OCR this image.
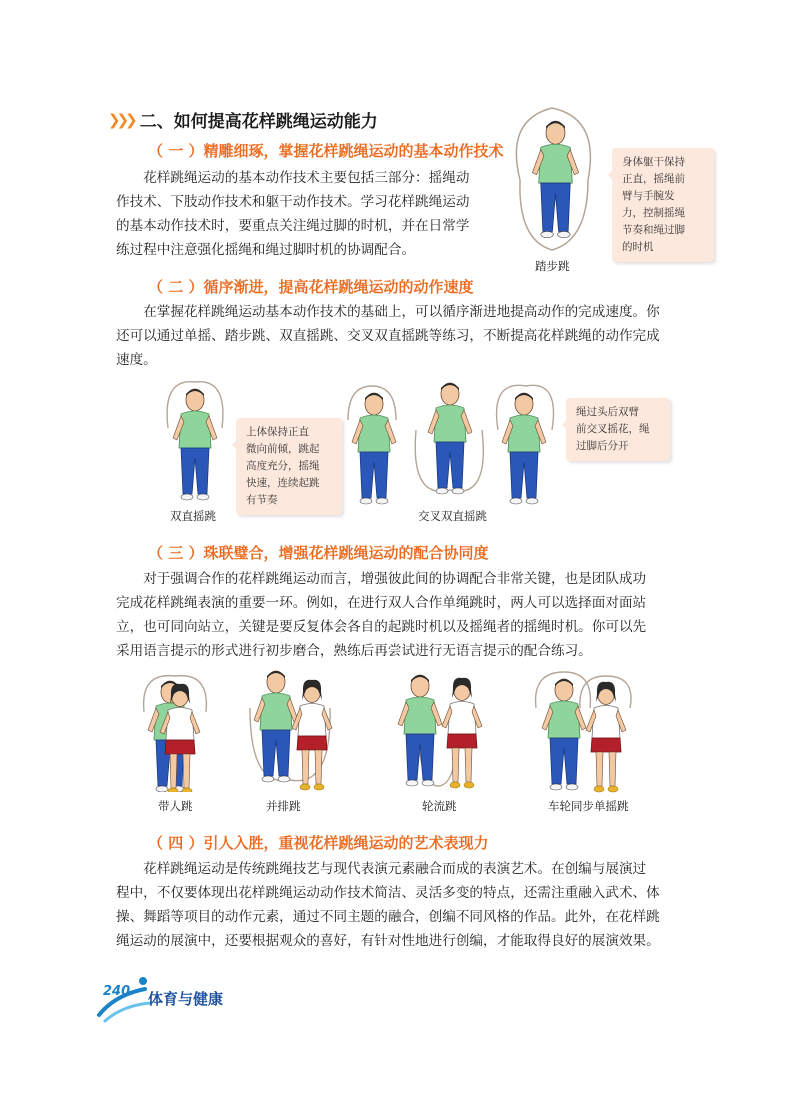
❯❯❯ 二、如何提高花样跳绳运动能力
（ 一 ）精雕细琢，掌握花样跳绳运动的基本动作技术
花样跳绳运动的基本动作技术主要包括三部分：摇绳动
作技术、下肢动作技术和躯干动作技术。学习花样跳绳运动
的基本动作技术时，要重点关注绳过脚的时机，并在日常学
练过程中注意强化摇绳和绳过脚时机的协调配合。
踏步跳
身体躯干保持
正直，摇绳前
臂与手腕发
力，控制摇绳
节奏和绳过脚
的时机
（ 二 ）循序渐进，提高花样跳绳运动的动作速度
在掌握花样跳绳运动基本动作技术的基础上，可以循序渐进地提高动作的完成速度。你
还可以通过单摇、踏步跳、双直摇跳、交叉双直摇跳等练习，不断提高花样跳绳的动作完成
速度。
双直摇跳
上体保持正直
微向前倾，跳起
高度充分，摇绳
快速，连续起跳
有节奏
交叉双直摇跳
绳过头后双臂
前交叉摇花，绳
过脚后分开
（ 三 ）珠联璧合，增强花样跳绳运动的配合协同度
对于强调合作的花样跳绳运动而言，增强彼此间的协调配合非常关键，也是团队成功
完成花样跳绳表演的重要一环。例如，在进行双人合作单绳跳时，两人可以选择面对面站
立，也可同向站立，关键是要反复体会各自的起跳时机以及摇绳者的摇绳时机。你可以先
采用语言提示的形式进行初步磨合，熟练后再尝试进行无语言提示的配合练习。
带人跳	并排跳	轮流跳	车轮同步单摇跳
（ 四 ）引人入胜，重视花样跳绳运动的艺术表现力
花样跳绳运动是传统跳绳技艺与现代表演元素融合而成的表演艺术。在创编与展演过
程中，不仅要体现出花样跳绳运动动作技术简洁、灵活多变的特点，还需注重融入武术、体
操、舞蹈等项目的动作元素，通过不同主题的融合，创编不同风格的作品。此外，在花样跳
绳运动的展演中，还要根据观众的喜好，有针对性地进行创编，才能取得良好的展演效果。
240 体育与健康
